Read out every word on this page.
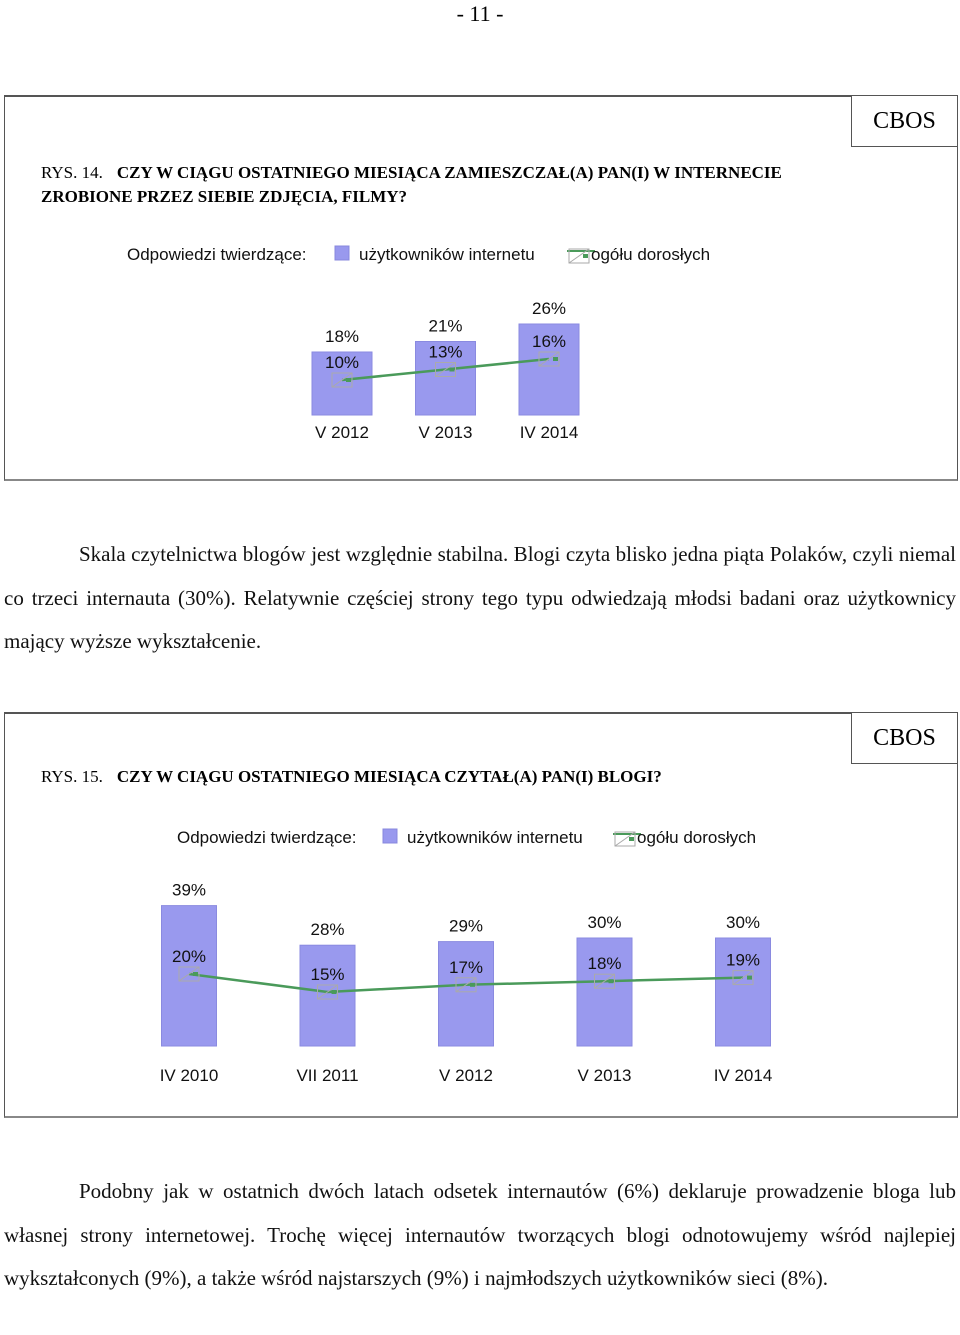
- 11 -
CBOS
RYS. 14. CZY W CIĄGU OSTATNIEGO MIESIĄCA ZAMIESZCZAŁ(A) PAN(I) W INTERNECIE ZROBIONE PRZEZ SIEBIE ZDJĘCIA, FILMY?
Odpowiedzi twierdzące:	użytkowników internetu	ogółu dorosłych
18%
V 2012
21%
V 2013
26%
IV 2014
10%
13%
16%

Skala czytelnictwa blogów jest względnie stabilna. Blogi czyta blisko jedna piąta Polaków, czyli niemal co trzeci internauta (30%). Relatywnie częściej strony tego typu odwiedzają młodsi badani oraz użytkownicy mający wyższe wykształcenie.

CBOS
RYS. 15. CZY W CIĄGU OSTATNIEGO MIESIĄCA CZYTAŁ(A) PAN(I) BLOGI?
Odpowiedzi twierdzące:	użytkowników internetu	ogółu dorosłych
39%
IV 2010
28%
VII 2011
29%
V 2012
30%
V 2013
30%
IV 2014
20%
15%	17%	18%	19%

Podobny jak w ostatnich dwóch latach odsetek internautów (6%) deklaruje prowadzenie bloga lub własnej strony internetowej. Trochę więcej internautów tworzących blogi odnotowujemy wśród najlepiej wykształconych (9%), a także wśród najstarszych (9%) i najmłodszych użytkowników sieci (8%).
